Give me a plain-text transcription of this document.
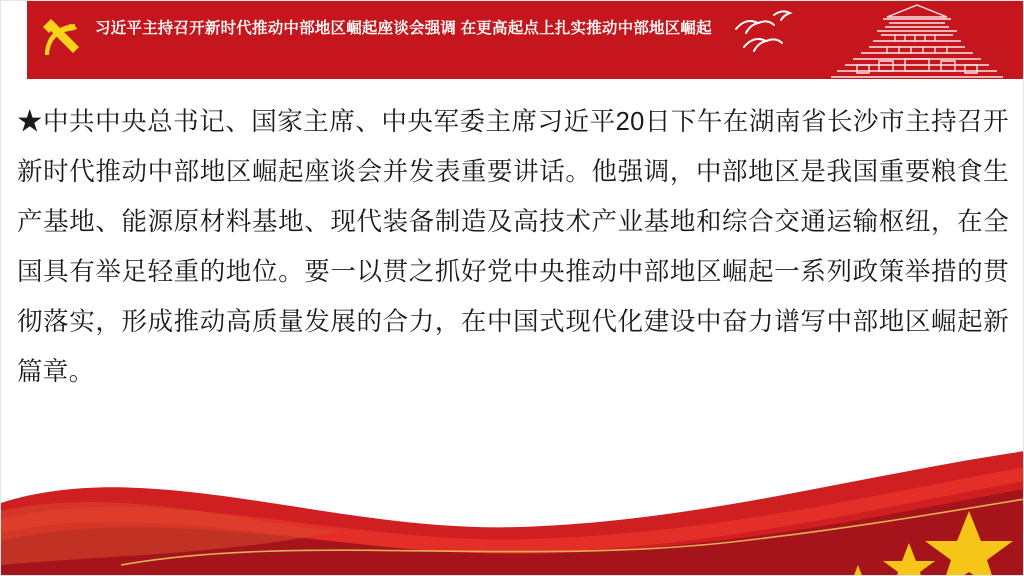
习近平主持召开新时代推动中部地区崛起座谈会强调 在更高起点上扎实推动中部地区崛起
★中共中央总书记、国家主席、中央军委主席习近平20日下午在湖南省长沙市主持召开新时代推动中部地区崛起座谈会并发表重要讲话。他强调，中部地区是我国重要粮食生产基地、能源原材料基地、现代装备制造及高技术产业基地和综合交通运输枢纽，在全国具有举足轻重的地位。要一以贯之抓好党中央推动中部地区崛起一系列政策举措的贯彻落实，形成推动高质量发展的合力，在中国式现代化建设中奋力谱写中部地区崛起新篇章。
